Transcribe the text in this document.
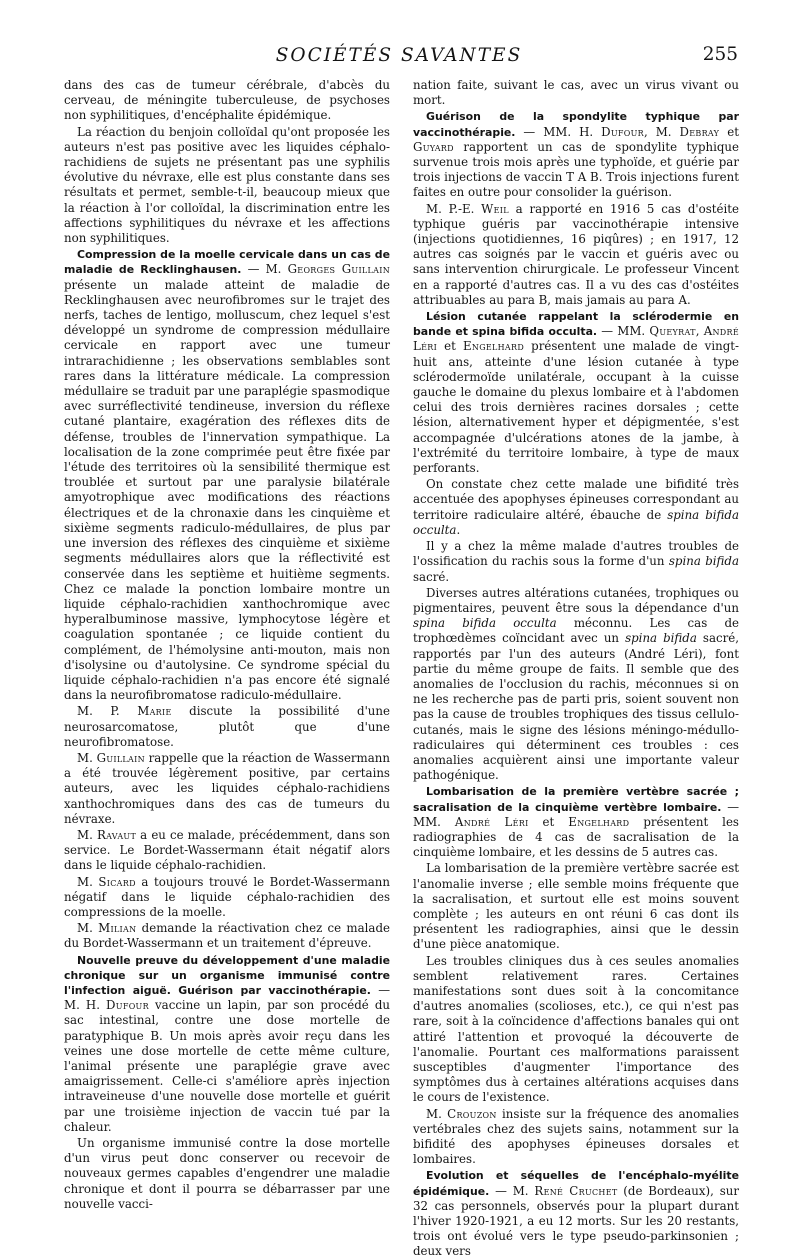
SOCIÉTÉS SAVANTES	255

dans des cas de tumeur cérébrale, d'abcès du cerveau, de méningite tuberculeuse, de psychoses non syphilitiques, d'encéphalite épidémique.

La réaction du benjoin colloïdal qu'ont proposée les auteurs n'est pas positive avec les liquides céphalo-rachidiens de sujets ne présentant pas une syphilis évolutive du névraxe, elle est plus constante dans ses résultats et permet, semble-t-il, beaucoup mieux que la réaction à l'or colloïdal, la discrimination entre les affections syphilitiques du névraxe et les affections non syphilitiques.

Compression de la moelle cervicale dans un cas de maladie de Recklinghausen. — M. Georges Guillain présente un malade atteint de maladie de Recklinghausen avec neurofibromes sur le trajet des nerfs, taches de lentigo, molluscum, chez lequel s'est développé un syndrome de compression médullaire cervicale en rapport avec une tumeur intrarachidienne ; les observations semblables sont rares dans la littérature médicale. La compression médullaire se traduit par une paraplégie spasmodique avec surréflectivité tendineuse, inversion du réflexe cutané plantaire, exagération des réflexes dits de défense, troubles de l'innervation sympathique. La localisation de la zone comprimée peut être fixée par l'étude des territoires où la sensibilité thermique est troublée et surtout par une paralysie bilatérale amyotrophique avec modifications des réactions électriques et de la chronaxie dans les cinquième et sixième segments radiculo-médullaires, de plus par une inversion des réflexes des cinquième et sixième segments médullaires alors que la réflectivité est conservée dans les septième et huitième segments. Chez ce malade la ponction lombaire montre un liquide céphalo-rachidien xanthochromique avec hyperalbuminose massive, lymphocytose légère et coagulation spontanée ; ce liquide contient du complément, de l'hémolysine anti-mouton, mais non d'isolysine ou d'autolysine. Ce syndrome spécial du liquide céphalo-rachidien n'a pas encore été signalé dans la neurofibromatose radiculo-médullaire.

M. P. Marie discute la possibilité d'une neurosarcomatose, plutôt que d'une neurofibromatose.

M. Guillain rappelle que la réaction de Wassermann a été trouvée légèrement positive, par certains auteurs, avec les liquides céphalo-rachidiens xanthochromiques dans des cas de tumeurs du névraxe.

M. Ravaut a eu ce malade, précédemment, dans son service. Le Bordet-Wassermann était négatif alors dans le liquide céphalo-rachidien.

M. Sicard a toujours trouvé le Bordet-Wassermann négatif dans le liquide céphalo-rachidien des compressions de la moelle.

M. Milian demande la réactivation chez ce malade du Bordet-Wassermann et un traitement d'épreuve.

Nouvelle preuve du développement d'une maladie chronique sur un organisme immunisé contre l'infection aiguë. Guérison par vaccinothérapie. — M. H. Dufour vaccine un lapin, par son procédé du sac intestinal, contre une dose mortelle de paratyphique B. Un mois après avoir reçu dans les veines une dose mortelle de cette même culture, l'animal présente une paraplégie grave avec amaigrissement. Celle-ci s'améliore après injection intraveineuse d'une nouvelle dose mortelle et guérit par une troisième injection de vaccin tué par la chaleur.

Un organisme immunisé contre la dose mortelle d'un virus peut donc conserver ou recevoir de nouveaux germes capables d'engendrer une maladie chronique et dont il pourra se débarrasser par une nouvelle vacci-

nation faite, suivant le cas, avec un virus vivant ou mort.

Guérison de la spondylite typhique par vaccinothérapie. — MM. H. Dufour, M. Debray et Guyard rapportent un cas de spondylite typhique survenue trois mois après une typhoïde, et guérie par trois injections de vaccin T A B. Trois injections furent faites en outre pour consolider la guérison.

M. P.-E. Weil a rapporté en 1916 5 cas d'ostéite typhique guéris par vaccinothérapie intensive (injections quotidiennes, 16 piqûres) ; en 1917, 12 autres cas soignés par le vaccin et guéris avec ou sans intervention chirurgicale. Le professeur Vincent en a rapporté d'autres cas. Il a vu des cas d'ostéites attribuables au para B, mais jamais au para A.

Lésion cutanée rappelant la sclérodermie en bande et spina bifida occulta. — MM. Queyrat, André Léri et Engelhard présentent une malade de vingt-huit ans, atteinte d'une lésion cutanée à type sclérodermoïde unilatérale, occupant à la cuisse gauche le domaine du plexus lombaire et à l'abdomen celui des trois dernières racines dorsales ; cette lésion, alternativement hyper et dépigmentée, s'est accompagnée d'ulcérations atones de la jambe, à l'extrémité du territoire lombaire, à type de maux perforants.

On constate chez cette malade une bifidité très accentuée des apophyses épineuses correspondant au territoire radiculaire altéré, ébauche de spina bifida occulta.

Il y a chez la même malade d'autres troubles de l'ossification du rachis sous la forme d'un spina bifida sacré.

Diverses autres altérations cutanées, trophiques ou pigmentaires, peuvent être sous la dépendance d'un spina bifida occulta méconnu. Les cas de trophœdèmes coïncidant avec un spina bifida sacré, rapportés par l'un des auteurs (André Léri), font partie du même groupe de faits. Il semble que des anomalies de l'occlusion du rachis, méconnues si on ne les recherche pas de parti pris, soient souvent non pas la cause de troubles trophiques des tissus cellulo-cutanés, mais le signe des lésions méningo-médullo-radiculaires qui déterminent ces troubles : ces anomalies acquièrent ainsi une importante valeur pathogénique.

Lombarisation de la première vertèbre sacrée ; sacralisation de la cinquième vertèbre lombaire. — MM. André Léri et Engelhard présentent les radiographies de 4 cas de sacralisation de la cinquième lombaire, et les dessins de 5 autres cas.

La lombarisation de la première vertèbre sacrée est l'anomalie inverse ; elle semble moins fréquente que la sacralisation, et surtout elle est moins souvent complète ; les auteurs en ont réuni 6 cas dont ils présentent les radiographies, ainsi que le dessin d'une pièce anatomique.

Les troubles cliniques dus à ces seules anomalies semblent relativement rares. Certaines manifestations sont dues soit à la concomitance d'autres anomalies (scolioses, etc.), ce qui n'est pas rare, soit à la coïncidence d'affections banales qui ont attiré l'attention et provoqué la découverte de l'anomalie. Pourtant ces malformations paraissent susceptibles d'augmenter l'importance des symptômes dus à certaines altérations acquises dans le cours de l'existence.

M. Crouzon insiste sur la fréquence des anomalies vertébrales chez des sujets sains, notamment sur la bifidité des apophyses épineuses dorsales et lombaires.

Evolution et séquelles de l'encéphalo-myélite épidémique. — M. René Cruchet (de Bordeaux), sur 32 cas personnels, observés pour la plupart durant l'hiver 1920-1921, a eu 12 morts. Sur les 20 restants, trois ont évolué vers le type pseudo-parkinsonien ; deux vers
